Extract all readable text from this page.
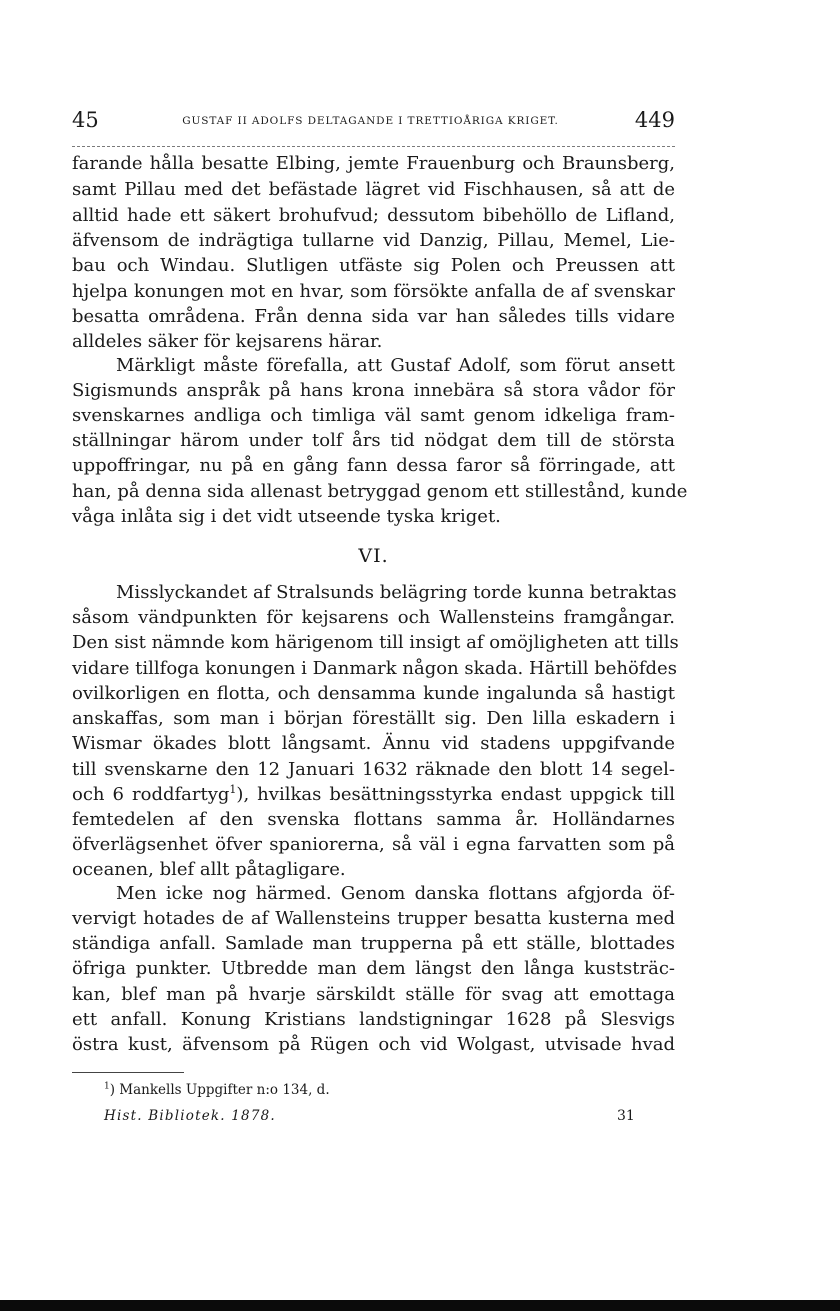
45	GUSTAF II ADOLFS DELTAGANDE I TRETTIOÅRIGA KRIGET.	449
farande hålla besatte Elbing, jemte Frauenburg och Braunsberg,
samt Pillau med det befästade lägret vid Fischhausen, så att de
alltid hade ett säkert brohufvud; dessutom bibehöllo de Lifland,
äfvensom de indrägtiga tullarne vid Danzig, Pillau, Memel, Lie-
bau och Windau. Slutligen utfäste sig Polen och Preussen att
hjelpa konungen mot en hvar, som försökte anfalla de af svenskar
besatta områdena. Från denna sida var han således tills vidare
alldeles säker för kejsarens härar.
Märkligt måste förefalla, att Gustaf Adolf, som förut ansett
Sigismunds anspråk på hans krona innebära så stora vådor för
svenskarnes andliga och timliga väl samt genom idkeliga fram-
ställningar härom under tolf års tid nödgat dem till de största
uppoffringar, nu på en gång fann dessa faror så förringade, att
han, på denna sida allenast betryggad genom ett stillestånd, kunde
våga inlåta sig i det vidt utseende tyska kriget.
VI.
Misslyckandet af Stralsunds belägring torde kunna betraktas
såsom vändpunkten för kejsarens och Wallensteins framgångar.
Den sist nämnde kom härigenom till insigt af omöjligheten att tills
vidare tillfoga konungen i Danmark någon skada. Härtill behöfdes
ovilkorligen en flotta, och densamma kunde ingalunda så hastigt
anskaffas, som man i början föreställt sig. Den lilla eskadern i
Wismar ökades blott långsamt. Ännu vid stadens uppgifvande
till svenskarne den 12 Januari 1632 räknade den blott 14 segel-
och 6 roddfartyg$^1$), hvilkas besättningsstyrka endast uppgick till
femtedelen af den svenska flottans samma år. Holländarnes
öfverlägsenhet öfver spaniorerna, så väl i egna farvatten som på
oceanen, blef allt påtagligare.
Men icke nog härmed. Genom danska flottans afgjorda öf-
vervigt hotades de af Wallensteins trupper besatta kusterna med
ständiga anfall. Samlade man trupperna på ett ställe, blottades
öfriga punkter. Utbredde man dem längst den långa kuststräc-
kan, blef man på hvarje särskildt ställe för svag att emottaga
ett anfall. Konung Kristians landstigningar 1628 på Slesvigs
östra kust, äfvensom på Rügen och vid Wolgast, utvisade hvad
$^1$) Mankells Uppgifter n:o 134, d.
Hist. Bibliotek. 1878.	31
